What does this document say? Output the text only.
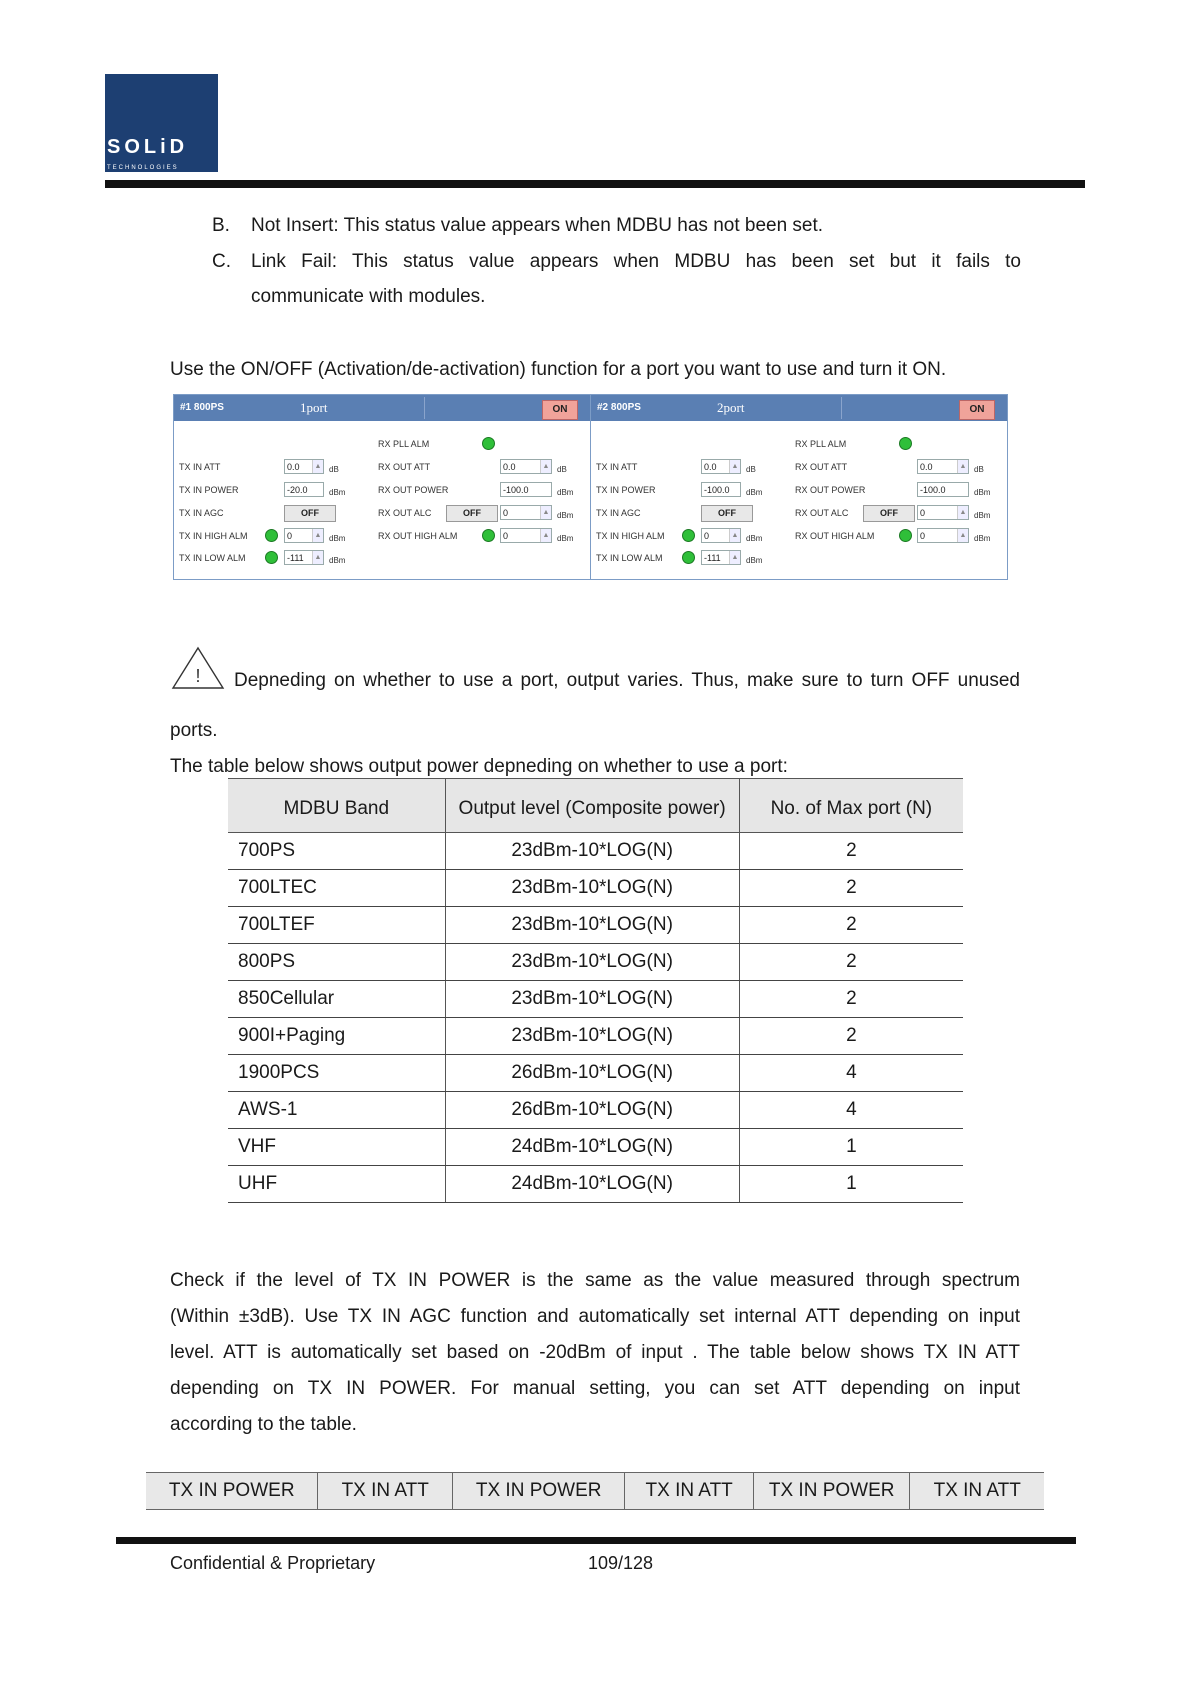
SOLiD
TECHNOLOGIES
B. Not Insert: This status value appears when MDBU has not been set.
C. Link Fail: This status value appears when MDBU has been set but it fails to
communicate with modules.
Use the ON/OFF (Activation/de-activation) function for a port you want to use and turn it ON.
#1 800PS	1port	ON
RX PLL ALM
TX IN ATT	0.0	▲ dB
TX IN POWER	-20.0	dBm
TX IN AGC	OFF
TX IN HIGH ALM	0	▲ dBm
TX IN LOW ALM	-111	▲ dBm
RX OUT ATT	0.0	▲ dB
RX OUT POWER	-100.0	dBm
RX OUT ALC	OFF	0	▲ dBm
RX OUT HIGH ALM	0	▲ dBm
#2 800PS	2port	ON
RX PLL ALM
TX IN ATT	0.0	▲ dB
TX IN POWER	-100.0	dBm
TX IN AGC	OFF
TX IN HIGH ALM	0	▲ dBm
TX IN LOW ALM	-111	▲ dBm
RX OUT ATT	0.0	▲ dB
RX OUT POWER	-100.0	dBm
RX OUT ALC	OFF	0	▲ dBm
RX OUT HIGH ALM	0	▲ dBm
! Depneding on whether to use a port, output varies. Thus, make sure to turn OFF unused
ports.
The table below shows output power depneding on whether to use a port:
MDBU Band	Output level (Composite power)	No. of Max port (N)
700PS	23dBm-10*LOG(N)	2
700LTEC	23dBm-10*LOG(N)	2
700LTEF	23dBm-10*LOG(N)	2
800PS	23dBm-10*LOG(N)	2
850Cellular	23dBm-10*LOG(N)	2
900I+Paging	23dBm-10*LOG(N)	2
1900PCS	26dBm-10*LOG(N)	4
AWS-1	26dBm-10*LOG(N)	4
VHF	24dBm-10*LOG(N)	1
UHF	24dBm-10*LOG(N)	1
Check if the level of TX IN POWER is the same as the value measured through spectrum
(Within ±3dB). Use TX IN AGC function and automatically set internal ATT depending on input
level. ATT is automatically set based on -20dBm of input . The table below shows TX IN ATT
depending on TX IN POWER. For manual setting, you can set ATT depending on input
according to the table.
TX IN POWER	TX IN ATT	TX IN POWER	TX IN ATT	TX IN POWER	TX IN ATT
Confidential & Proprietary	109/128
